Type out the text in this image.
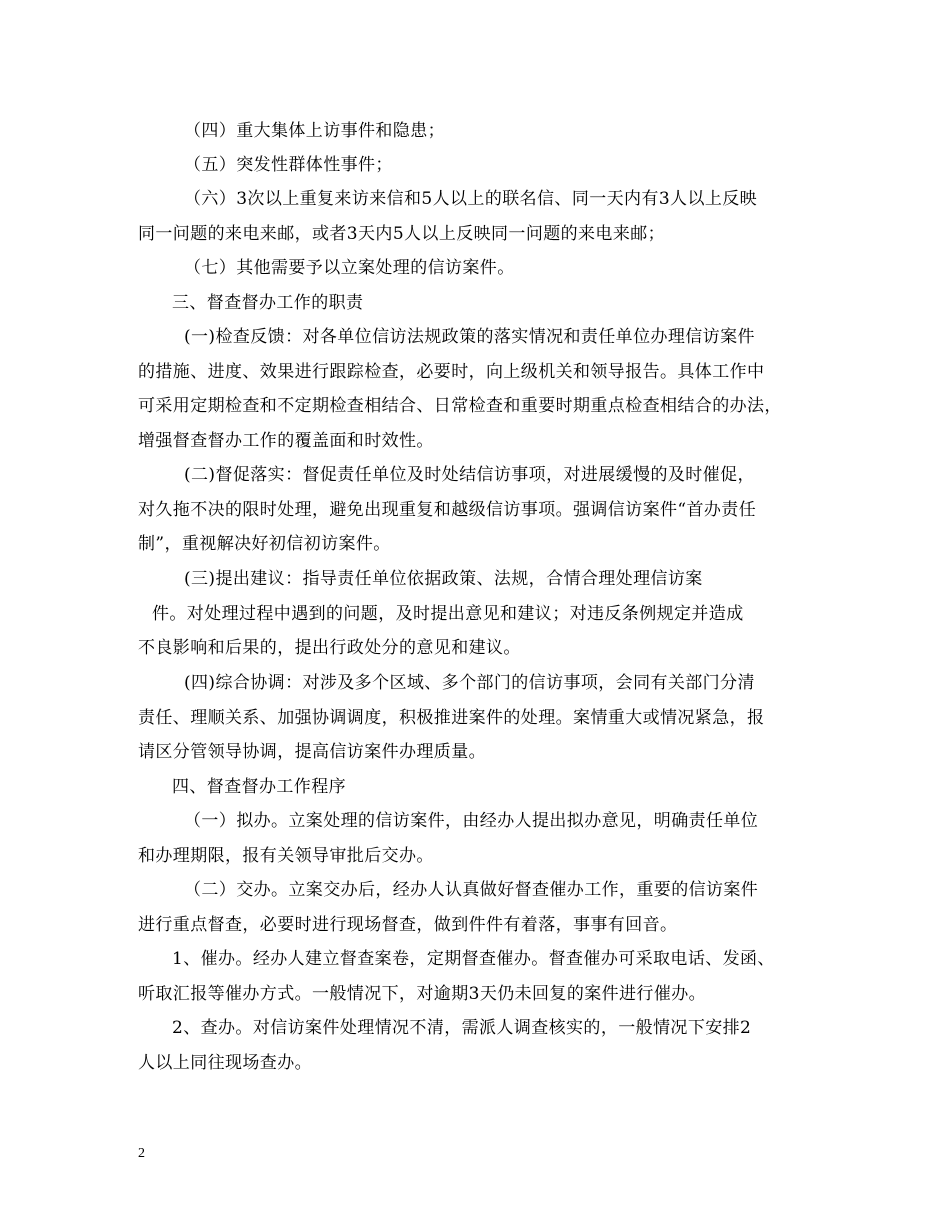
（四）重大集体上访事件和隐患；

（五）突发性群体性事件；

（六）3次以上重复来访来信和5人以上的联名信、同一天内有3人以上反映
同一问题的来电来邮，或者3天内5人以上反映同一问题的来电来邮；

（七）其他需要予以立案处理的信访案件。

三、督查督办工作的职责

(一)检查反馈：对各单位信访法规政策的落实情况和责任单位办理信访案件
的措施、进度、效果进行跟踪检查，必要时，向上级机关和领导报告。具体工作中
可采用定期检查和不定期检查相结合、日常检查和重要时期重点检查相结合的办法，
增强督查督办工作的覆盖面和时效性。

(二)督促落实：督促责任单位及时处结信访事项，对进展缓慢的及时催促，
对久拖不决的限时处理，避免出现重复和越级信访事项。强调信访案件“首办责任
制”，重视解决好初信初访案件。

(三)提出建议：指导责任单位依据政策、法规，合情合理处理信访案
件。对处理过程中遇到的问题，及时提出意见和建议；对违反条例规定并造成
不良影响和后果的，提出行政处分的意见和建议。

(四)综合协调：对涉及多个区域、多个部门的信访事项，会同有关部门分清
责任、理顺关系、加强协调调度，积极推进案件的处理。案情重大或情况紧急，报
请区分管领导协调，提高信访案件办理质量。

四、督查督办工作程序

（一）拟办。立案处理的信访案件，由经办人提出拟办意见，明确责任单位
和办理期限，报有关领导审批后交办。

（二）交办。立案交办后，经办人认真做好督查催办工作，重要的信访案件
进行重点督查，必要时进行现场督查，做到件件有着落，事事有回音。

1、催办。经办人建立督查案卷，定期督查催办。督查催办可采取电话、发函、
听取汇报等催办方式。一般情况下，对逾期3天仍未回复的案件进行催办。

2、查办。对信访案件处理情况不清，需派人调查核实的，一般情况下安排2
人以上同往现场查办。

2
